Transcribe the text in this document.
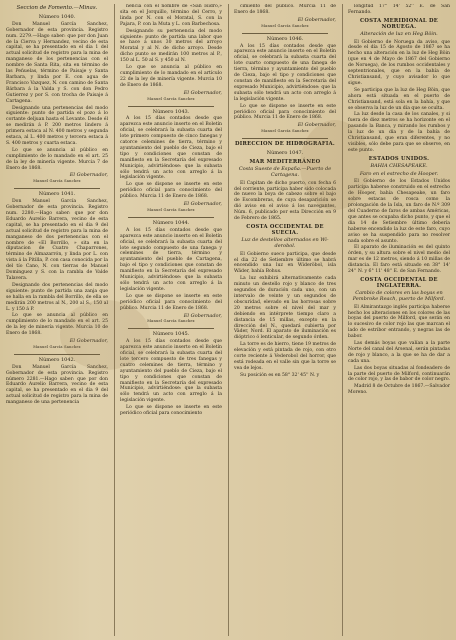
Seccion de Fomento.—Minas.
Número 1040.

Don Manuel García Sanchez, Gobernador de esta provincia. Registro num. 2279.—Hago saber: que por don Juan de la Cierva y Hernandez, vecino de esta capital, se ha presentado en el dia 1 del actual solicitud de registro para la mina de manganeso de los pertenencias con el nombre de Santa Rita, sita en término de las Peñuelas, término de Paisaje y Santa Barbara, y linda por E. con agua de Francisco Vazquez, N. con camino de Santa Bárbara á la Valda y S. con don Pedro Gutierrez y por S. con trocha de Paisaje á Cartagena.

Designando una pertenencias del modo siguiente: punto de partida el pozo á lo cortante deljuan hasta el Levante. Desde él se medirán á P. 200 metros lindero á primera estaca al N. 400 metros y segunda estaca, al L. 400 metros y tercera estaca á S. 400 metros y cuarta estaca.

Lo que se anuncia al público en cumplimiento de lo mandado en el art. 25 de la ley de minería vigente. Murcia 7 de Enero de 1868.

El Gobernador,
Manuel García Sanchez
Número 1041.

Don Manuel García Sanchez, Gobernador de esta provincia. Registro num. 2280.—Hago saber: que por don Eduardo Aurelio Barrera, vecino de esta capital, se ha presentado en el dia 9 del actual solicitud de registro para la mina de manganeso de dos pertenencias con el nombre de «El Borrillo, » sita en la diputacion de Cuatro Chaparrones, término de Almazarrón, y linda por L. con vista á la Pitilla, P. con casa conocida por la del tío Cano, N. con tierras de Manuel Dominguez y S. con la rambla de Valde Talavera.

Designando dos pertenencias del modo siguiente: punto de partida una zanja que se halla en la rambla del Borrillo, de ella se medirán 200 metros al N., 200 al S., 150 al L. y 150 á P.

Lo que se anuncia al público en cumplimiento de lo mandado en el art. 25 de la ley de minería vigente. Murcia 10 de Enero de 1868.

El Gobernador,
Manuel García Sanchez
Número 1042.

Don Manuel García Sanchez, Gobernador de esta provincia. Registro número 2281.—Hago saber: que por don Eduardo Aurelio Barrera, vecino de esta capital, se ha presentado en el dia 9 del actual solicitud de registro para la mina de manganeso de una pertenencia

nencia con el nombre de «San Isidro,» sita en el Jorquillo, término del Cerro, y linda por N. con el Moratal, S. con la Pajara, P. con la Muta y L. con Barbechosa.

Designando su pertenencia del modo siguiente: punto de partida una labor que se hace á unos 30 metros del arroyo Moratal y al N. de dicho arroyo. Desde dicho punto se medirán 100 metros al P., 150 al L. 50 al S. y 450 al N.

Lo que se anuncia al público en cumplimiento de lo mandado en el artículo 22 de la ley de minería vigente. Murcia 10 de Enero de 1868.

El Gobernador,
Manuel García Sanchez
Número 1043.

A los 15 días contados desde que aparezca este anuncio inserto en el Boletín oficial, se celebrará la subasta cuarta del lote primero compuesto de cinco fanegas y catorce celemines de tierra, término y ayuntamiento del pueblo de Cieza, bajo el tipo y condiciones que constan de manifiesto en la Secretaría del expresado Municipio, advirtiéndose: que la subasta sólo tendrá un acto con arreglo á la legislación vigente.

Lo que se dispone se inserte en este periódico oficial para conocimiento del público. Murcia 11 de Enero de 1868.

El Gobernador,
Manuel García Sanchez
Número 1044.

A los 15 días contados desde que aparezca este anuncio inserto en el Boletín oficial, se celebrará la subasta cuarta del lote segundo compuesto de una fanega y celemines de tierra, término y ayuntamiento del pueblo de Cartagena, bajo el tipo y condiciones que constan de manifiesto en la Secretaría del expresado Municipio, advirtiéndose: que la subasta sólo tendrá un acto con arreglo á la legislación vigente.

Lo que se dispone se inserte en este periódico oficial para conocimiento del público. Murcia 11 de Enero de 1868.

El Gobernador,
Manuel García Sanchez
Número 1045.

A los 15 días contados desde que aparezca este anuncio inserto en el Boletín oficial, se celebrará la subasta cuarta del lote tercero compuesto de tres fanegas y cuatro celemines de tierra, término y ayuntamiento del pueblo de Cieza, bajo el tipo y condiciones que constan de manifiesto en la Secretaría del expresado Municipio, advirtiéndose: que la subasta sólo tendrá un acto con arreglo á la legislación vigente.

Lo que se dispone se inserte en este periódico oficial para conocimiento

cimiento del público. Murcia 11 de Enero de 1868.

El Gobernador,
Manuel García Sanchez
Número 1046.

A los 15 días contados desde que aparezca este anuncio inserto en el Boletín oficial, se celebrará la subasta cuarta del lote cuarto compuesto de una fanega de tierra, término y ayuntamiento del pueblo de Cieza, bajo el tipo y condiciones que constan de manifiesto en la Secretaría del expresado Municipio, advirtiéndose: que la subasta sólo tendrá un acto con arreglo á la legislación vigente.

Lo que se dispone se inserte en este periódico oficial para conocimiento del público. Murcia 11 de Enero de 1868.

El Gobernador,
Manuel García Sanchez
DIRECCION DE HIDROGRAFIA.
Número 1047.
MAR MEDITERRÁNEO
Costa Sueste de España.—Puerto de Cartagena.

El Capitan de dicho puerto, con fecha 6 del corriente, participa haber sido colocada de nuevo la boya de cabezo sobre el bajo de Escombreras, de cuya desaparición se dió aviso en el aviso á los navegantes, Núm. 6, publicado por esta Dirección en 9 de Febrero de 1865.

COSTA OCCIDENTAL DE SUECIA.
Luz de destellos alternados en Wi-derobol.

El Gobierno sueco participa, que desde el dia 22 de Setiembre último se habrá encendido una luz en Wideröbol, isla Wäder, bahía Bohus.

La luz exhibirá alternativamente cada minuto un destello rojo y blanco de tres segundos de duración cada uno, con un intervalo de veinte y un segundos de obscuridad, elevado en las horrosas sobre 20 metros sobre el nivel del mar y debiendo en intérprete tiempo claro a distancia de 15 millas, excepto en la dirección del N., quedará cubierta por Väder, Nord. El aparato de iluminación es dióptrico ó lenticular, de segundo órden.

La torre es de hierro, tiene 19 metros de elevación y está pintada de rojo, con otro corte reciente á Vederobol del horror, que está rodeada en el valle sin que la torre se vea de lejos.

Su posición es en 58° 32' 45'' N. y

longitud 17° 14' 52'' E. de San Fernando.

COSTA MERIDIONAL DE NORUEGA.
Alteración de luz en Heg Böin.

El Gobierno de Noruega da aviso, que desde el día 15 de Agosto de 1867 se ha hecho una alteración en la luz de Heg Böin (que en 4 de Mayo de 1867 del Gobierno de Noruega), de los rumbos occidentales y septentrionales, que en la bahía de Christiansand, y cuyo avisador lo que sigue.

Se participa que la luz de Heg Böin, que ahora está situada en el puerto de Christiansand, está sola en la bahía, y que se observa la luz de un día que se oculta.

La luz desde la casa de los canales, y si fuera de diez metros se ha horizonte en el pasando la Banca, y mirando los rumbos y la luz de un día y de la bahía de Christiansand, que eran diferentes, y no visibles, sólo debe para que se observe, en este punto.

ESTADOS UNIDOS.
BAHIA CHESAPEAKE.
Faro en el estrecho de Hooper.

El Gobierno de los Estados Unidos participa haberse construido en el estrecho de Hooper, bahía Chesapeake, un faro sobre estacas de rosca como la prolongación de la Isla, un faro de N.º 309 del Cuaderno de faros de ambas Américas, que antes se ocupaba dicho punto, y que el dia 14 de Setiembre último debería haberse encendido la luz de este faro, cuyo aviso se ha suspendido para no resolver nada sobre el asunto.

El aparato de iluminación es del quinto órden, y su altura sobre el nivel medio del mar es de 12 metros, siendo á 10 millas de distancia. El faro está situado en 38° 14' 24'' N. y 6° 11' 48'' E. de San Fernando.

COSTA OCCIDENTAL DE INGLATERRA.
Cambio de colores en las boyas en Pembroke Reach, puerto de Milford.

El Almirantazgo inglés participa haberse hecho los alteraciones en los colores de las boyas del puerto de Milford, que serán en lo sucesivo de color rojo las que marcan el lado de estribor entrando, y negras las de babor.

Las demás boyas que valían a la parte Norte del canal del Arsenal, serán pintadas de rojo y blanco, a la que se ha de dar a cada una.

Las dos boyas situadas al fondeadero de la parte del puerto de Milford, continuarán de color rojo, y las de babor de color negro.

Madrid 8 de Octubre de 1867.—Salvador Moreno.
